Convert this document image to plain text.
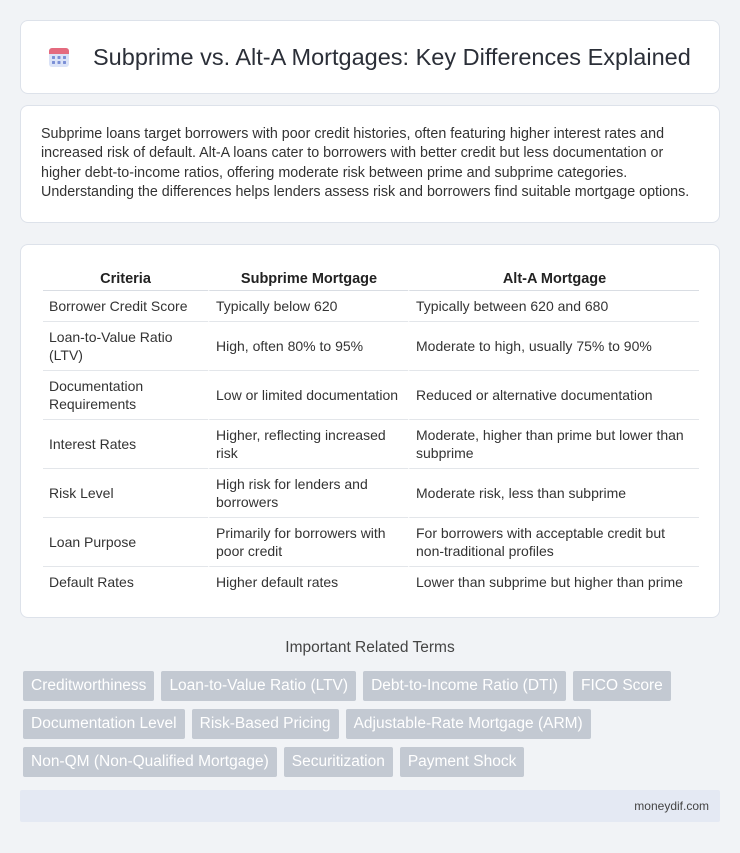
Subprime vs. Alt-A Mortgages: Key Differences Explained

Subprime loans target borrowers with poor credit histories, often featuring higher interest rates and increased risk of default. Alt-A loans cater to borrowers with better credit but less documentation or higher debt-to-income ratios, offering moderate risk between prime and subprime categories. Understanding the differences helps lenders assess risk and borrowers find suitable mortgage options.

Criteria	Subprime Mortgage	Alt-A Mortgage
Borrower Credit Score	Typically below 620	Typically between 620 and 680
Loan-to-Value Ratio (LTV)	High, often 80% to 95%	Moderate to high, usually 75% to 90%
Documentation Requirements	Low or limited documentation	Reduced or alternative documentation
Interest Rates	Higher, reflecting increased risk	Moderate, higher than prime but lower than subprime
Risk Level	High risk for lenders and borrowers	Moderate risk, less than subprime
Loan Purpose	Primarily for borrowers with poor credit	For borrowers with acceptable credit but non-traditional profiles
Default Rates	Higher default rates	Lower than subprime but higher than prime
Important Related Terms
Creditworthiness	Loan-to-Value Ratio (LTV)	Debt-to-Income Ratio (DTI)	FICO Score
Documentation Level	Risk-Based Pricing	Adjustable-Rate Mortgage (ARM)
Non-QM (Non-Qualified Mortgage)	Securitization	Payment Shock
moneydif.com
